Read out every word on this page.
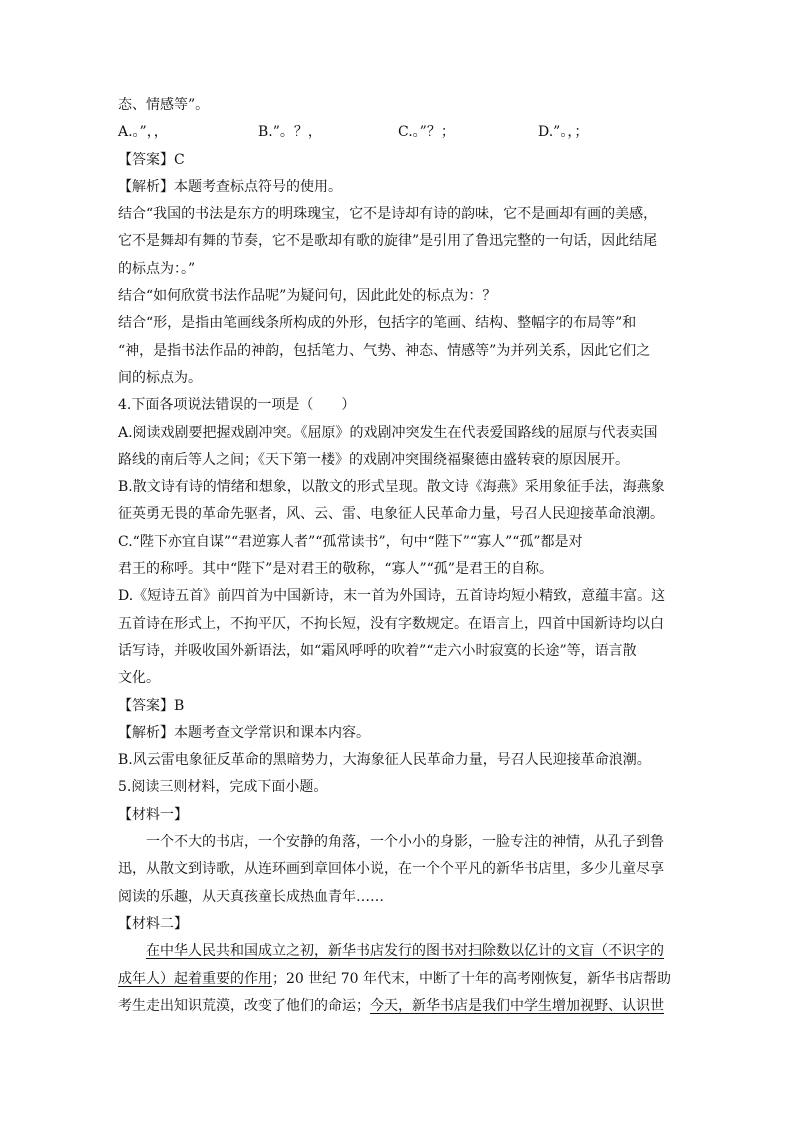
态、情感等”。
A.。”，，	B.”。？，	C.。”？；	D.”。，；
【答案】C
【解析】本题考查标点符号的使用。
结合“我国的书法是东方的明珠瑰宝，它不是诗却有诗的韵味，它不是画却有画的美感，
它不是舞却有舞的节奏，它不是歌却有歌的旋律”是引用了鲁迅完整的一句话，因此结尾
的标点为：。”
结合“如何欣赏书法作品呢”为疑问句，因此此处的标点为：？
结合“形，是指由笔画线条所构成的外形，包括字的笔画、结构、整幅字的布局等”和
“神，是指书法作品的神韵，包括笔力、气势、神态、情感等”为并列关系，因此它们之
间的标点为。
4.下面各项说法错误的一项是（　　）
A.阅读戏剧要把握戏剧冲突。《屈原》的戏剧冲突发生在代表爱国路线的屈原与代表卖国
路线的南后等人之间；《天下第一楼》的戏剧冲突围绕福聚德由盛转衰的原因展开。
B.散文诗有诗的情绪和想象，以散文的形式呈现。散文诗《海燕》采用象征手法，海燕象
征英勇无畏的革命先驱者，风、云、雷、电象征人民革命力量，号召人民迎接革命浪潮。
C.“陛下亦宜自谋”“君逆寡人者”“孤常读书”，句中“陛下”“寡人”“孤”都是对
君王的称呼。其中“陛下”是对君王的敬称，“寡人”“孤”是君王的自称。
D.《短诗五首》前四首为中国新诗，末一首为外国诗，五首诗均短小精致，意蕴丰富。这
五首诗在形式上，不拘平仄，不拘长短，没有字数规定。在语言上，四首中国新诗均以白
话写诗，并吸收国外新语法，如“霜风呼呼的吹着”“走六小时寂寞的长途”等，语言散
文化。
【答案】B
【解析】本题考查文学常识和课本内容。
B.风云雷电象征反革命的黑暗势力，大海象征人民革命力量，号召人民迎接革命浪潮。
5.阅读三则材料，完成下面小题。
【材料一】
一个不大的书店，一个安静的角落，一个小小的身影，一脸专注的神情，从孔子到鲁
迅，从散文到诗歌，从连环画到章回体小说，在一个个平凡的新华书店里，多少儿童尽享
阅读的乐趣，从天真孩童长成热血青年……
【材料二】
在中华人民共和国成立之初，新华书店发行的图书对扫除数以亿计的文盲（不识字的
成年人）起着重要的作用；20 世纪 70 年代末，中断了十年的高考刚恢复，新华书店帮助
考生走出知识荒漠，改变了他们的命运；今天，新华书店是我们中学生增加视野、认识世
